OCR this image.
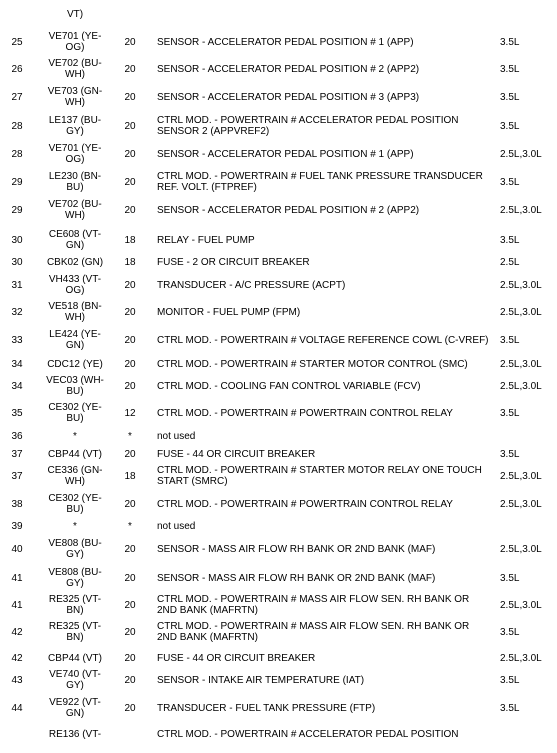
VT)
25	VE701 (YE-
OG)	20	SENSOR - ACCELERATOR PEDAL POSITION # 1 (APP)	3.5L
26	VE702 (BU-
WH)	20	SENSOR - ACCELERATOR PEDAL POSITION # 2 (APP2)	3.5L
27	VE703 (GN-
WH)	20	SENSOR - ACCELERATOR PEDAL POSITION # 3 (APP3)	3.5L
28	LE137 (BU-
GY)	20	CTRL MOD. - POWERTRAIN # ACCELERATOR PEDAL POSITION
SENSOR 2 (APPVREF2)	3.5L
28	VE701 (YE-
OG)	20	SENSOR - ACCELERATOR PEDAL POSITION # 1 (APP)	2.5L,3.0L
29	LE230 (BN-
BU)	20	CTRL MOD. - POWERTRAIN # FUEL TANK PRESSURE TRANSDUCER
REF. VOLT. (FTPREF)	3.5L
29	VE702 (BU-
WH)	20	SENSOR - ACCELERATOR PEDAL POSITION # 2 (APP2)	2.5L,3.0L
30	CE608 (VT-
GN)	18	RELAY - FUEL PUMP	3.5L
30	CBK02 (GN)	18	FUSE - 2 OR CIRCUIT BREAKER	2.5L
31	VH433 (VT-
OG)	20	TRANSDUCER - A/C PRESSURE (ACPT)	2.5L,3.0L
32	VE518 (BN-
WH)	20	MONITOR - FUEL PUMP (FPM)	2.5L,3.0L
33	LE424 (YE-
GN)	20	CTRL MOD. - POWERTRAIN # VOLTAGE REFERENCE COWL (C-VREF)	3.5L
34	CDC12 (YE)	20	CTRL MOD. - POWERTRAIN # STARTER MOTOR CONTROL (SMC)	2.5L,3.0L
34	VEC03 (WH-
BU)	20	CTRL MOD. - COOLING FAN CONTROL VARIABLE (FCV)	2.5L,3.0L
35	CE302 (YE-
BU)	12	CTRL MOD. - POWERTRAIN # POWERTRAIN CONTROL RELAY	3.5L
36	*	*	not used
37	CBP44 (VT)	20	FUSE - 44 OR CIRCUIT BREAKER	3.5L
37	CE336 (GN-
WH)	18	CTRL MOD. - POWERTRAIN # STARTER MOTOR RELAY ONE TOUCH
START (SMRC)	2.5L,3.0L
38	CE302 (YE-
BU)	20	CTRL MOD. - POWERTRAIN # POWERTRAIN CONTROL RELAY	2.5L,3.0L
39	*	*	not used
40	VE808 (BU-
GY)	20	SENSOR - MASS AIR FLOW RH BANK OR 2ND BANK (MAF)	2.5L,3.0L
41	VE808 (BU-
GY)	20	SENSOR - MASS AIR FLOW RH BANK OR 2ND BANK (MAF)	3.5L
41	RE325 (VT-
BN)	20	CTRL MOD. - POWERTRAIN # MASS AIR FLOW SEN. RH BANK OR
2ND BANK (MAFRTN)	2.5L,3.0L
42	RE325 (VT-
BN)	20	CTRL MOD. - POWERTRAIN # MASS AIR FLOW SEN. RH BANK OR
2ND BANK (MAFRTN)	3.5L
42	CBP44 (VT)	20	FUSE - 44 OR CIRCUIT BREAKER	2.5L,3.0L
43	VE740 (VT-
GY)	20	SENSOR - INTAKE AIR TEMPERATURE (IAT)	3.5L
44	VE922 (VT-
GN)	20	TRANSDUCER - FUEL TANK PRESSURE (FTP)	3.5L
RE136 (VT-	CTRL MOD. - POWERTRAIN # ACCELERATOR PEDAL POSITION
